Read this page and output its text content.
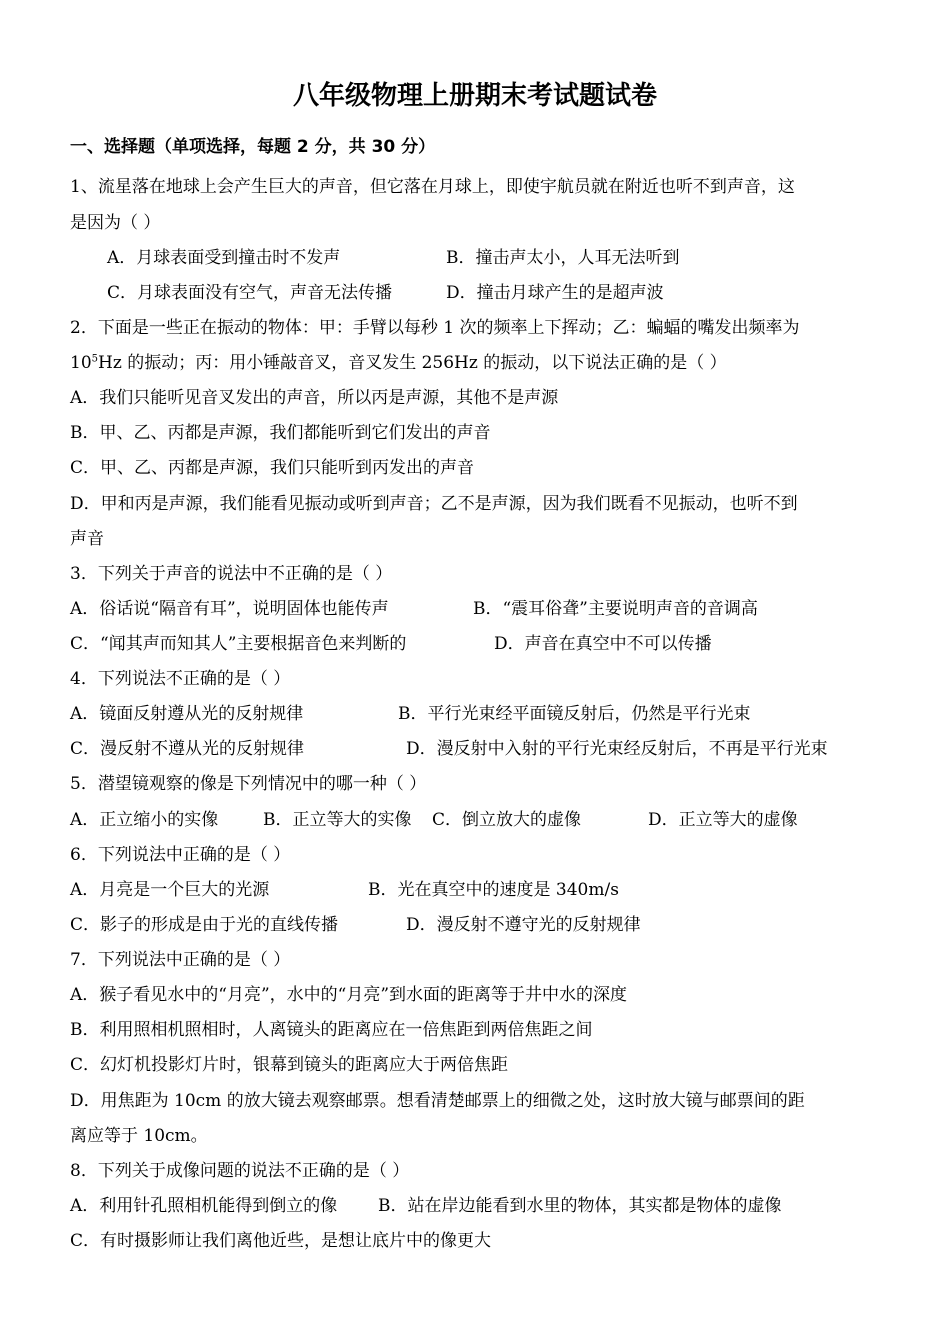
八年级物理上册期末考试题试卷
一、选择题（单项选择，每题 2 分，共 30 分）
1、流星落在地球上会产生巨大的声音，但它落在月球上，即使宇航员就在附近也听不到声音，这
是因为（ ）
A．月球表面受到撞击时不发声	B．撞击声太小，人耳无法听到
C．月球表面没有空气，声音无法传播	D．撞击月球产生的是超声波
2．下面是一些正在振动的物体：甲：手臂以每秒 1 次的频率上下挥动；乙：蝙蝠的嘴发出频率为
$10^5Hz$ 的振动；丙：用小锤敲音叉，音叉发生 256Hz 的振动，以下说法正确的是（ ）
A．我们只能听见音叉发出的声音，所以丙是声源，其他不是声源
B．甲、乙、丙都是声源，我们都能听到它们发出的声音
C．甲、乙、丙都是声源，我们只能听到丙发出的声音
D．甲和丙是声源，我们能看见振动或听到声音；乙不是声源，因为我们既看不见振动，也听不到
声音
3．下列关于声音的说法中不正确的是（ ）
A．俗话说“隔音有耳”，说明固体也能传声	B．“震耳俗聋”主要说明声音的音调高
C．“闻其声而知其人”主要根据音色来判断的	D．声音在真空中不可以传播
4．下列说法不正确的是（ ）
A．镜面反射遵从光的反射规律	B．平行光束经平面镜反射后，仍然是平行光束
C．漫反射不遵从光的反射规律	D．漫反射中入射的平行光束经反射后，不再是平行光束
5．潜望镜观察的像是下列情况中的哪一种（ ）
A．正立缩小的实像	B．正立等大的实像 C．倒立放大的虚像	D．正立等大的虚像
6．下列说法中正确的是（ ）
A．月亮是一个巨大的光源	B．光在真空中的速度是 340m/s
C．影子的形成是由于光的直线传播	D．漫反射不遵守光的反射规律
7．下列说法中正确的是（ ）
A．猴子看见水中的“月亮”，水中的“月亮”到水面的距离等于井中水的深度
B．利用照相机照相时，人离镜头的距离应在一倍焦距到两倍焦距之间
C．幻灯机投影灯片时，银幕到镜头的距离应大于两倍焦距
D．用焦距为 10cm 的放大镜去观察邮票。想看清楚邮票上的细微之处，这时放大镜与邮票间的距
离应等于 10cm。
8．下列关于成像问题的说法不正确的是（ ）
A．利用针孔照相机能得到倒立的像 B．站在岸边能看到水里的物体，其实都是物体的虚像
C．有时摄影师让我们离他近些，是想让底片中的像更大
